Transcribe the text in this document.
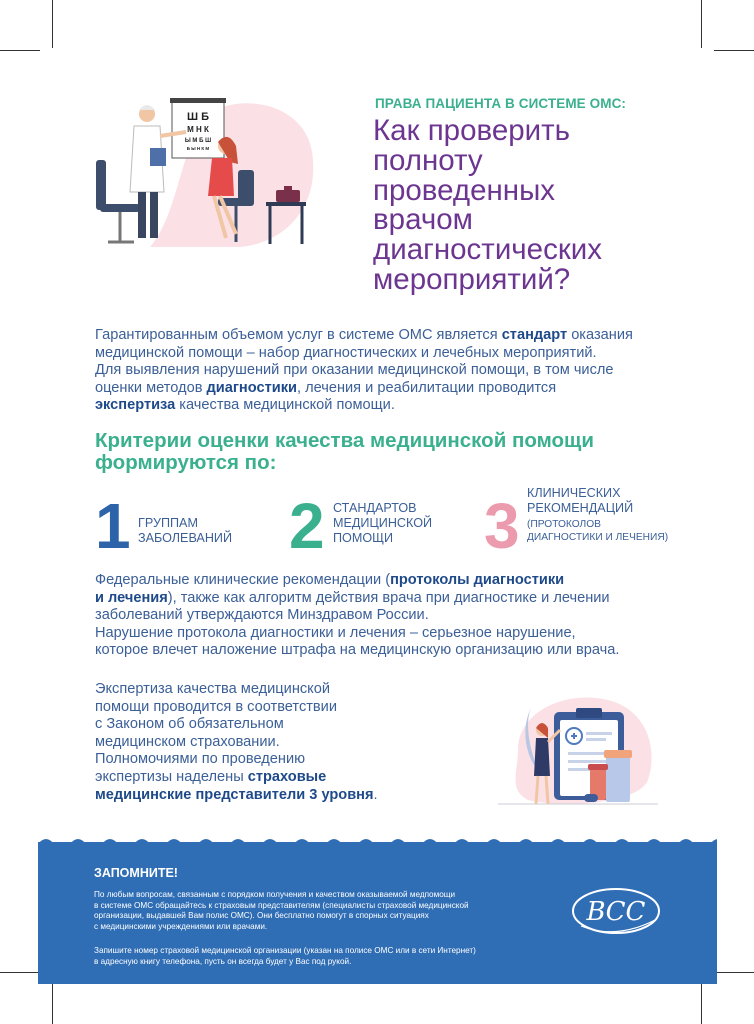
Ш Б
М Н К
Ы М Б Ш
Б Ы Н К М
ПРАВА ПАЦИЕНТА В СИСТЕМЕ ОМС:
Как проверить
полноту
проведенных
врачом
диагностических
мероприятий?
Гарантированным объемом услуг в системе ОМС является стандарт оказания
медицинской помощи – набор диагностических и лечебных мероприятий.
Для выявления нарушений при оказании медицинской помощи, в том числе
оценки методов диагностики, лечения и реабилитации проводится
экспертиза качества медицинской помощи.
Критерии оценки качества медицинской помощи
формируются по:
1 ГРУППАМ
ЗАБОЛЕВАНИЙ 2 СТАНДАРТОВ
МЕДИЦИНСКОЙ
ПОМОЩИ	3 КЛИНИЧЕСКИХ
РЕКОМЕНДАЦИЙ
(ПРОТОКОЛОВ
ДИАГНОСТИКИ И ЛЕЧЕНИЯ)
Федеральные клинические рекомендации (протоколы диагностики
и лечения), также как алгоритм действия врача при диагностике и лечении
заболеваний утверждаются Минздравом России.
Нарушение протокола диагностики и лечения – серьезное нарушение,
которое влечет наложение штрафа на медицинскую организацию или врача.
Экспертиза качества медицинской
помощи проводится в соответствии
с Законом об обязательном
медицинском страховании.
Полномочиями по проведению
экспертизы наделены страховые
медицинские представители 3 уровня.
ЗАПОМНИТЕ!
По любым вопросам, связанным с порядком получения и качеством оказываемой медпомощи
в системе ОМС обращайтесь к страховым представителям (специалисты страховой медицинской
организации, выдавшей Вам полис ОМС). Они бесплатно помогут в спорных ситуациях
с медицинскими учреждениями или врачами.
Запишите номер страховой медицинской организации (указан на полисе ОМС или в сети Интернет)
в адресную книгу телефона, пусть он всегда будет у Вас под рукой.
ВСС
